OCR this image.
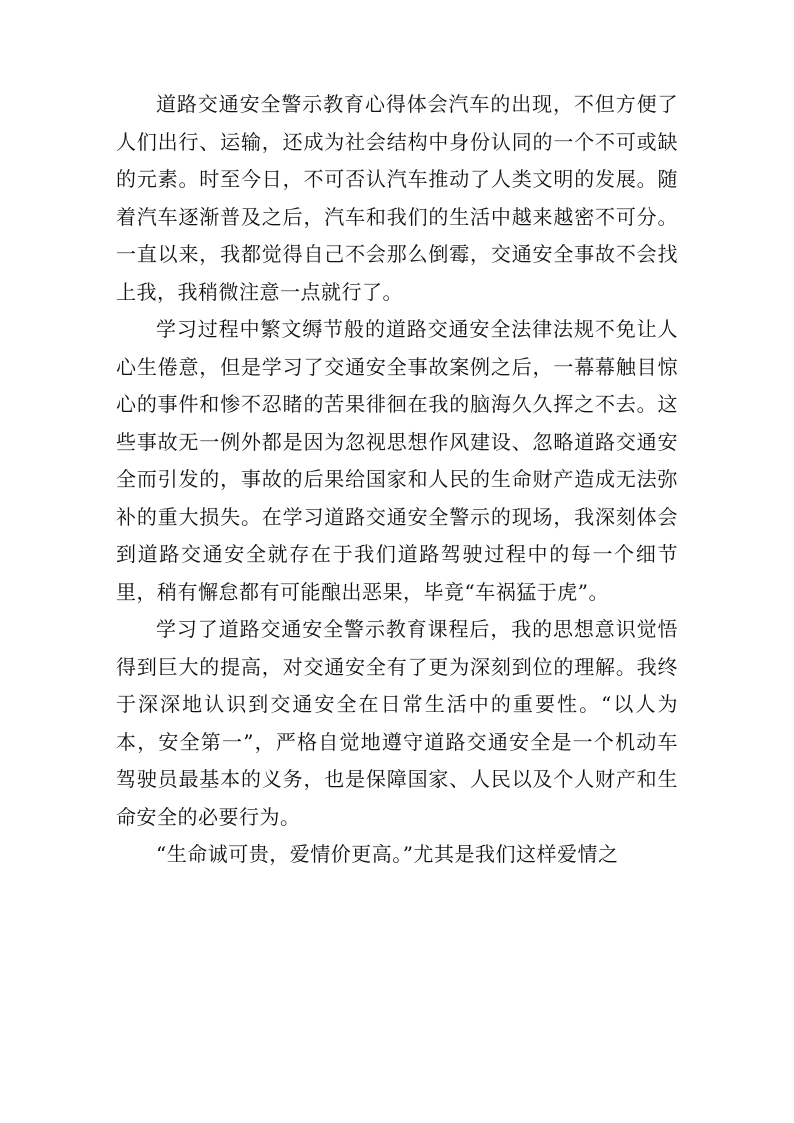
道路交通安全警示教育心得体会汽车的出现，不但方便了人们出行、运输，还成为社会结构中身份认同的一个不可或缺的元素。时至今日，不可否认汽车推动了人类文明的发展。随着汽车逐渐普及之后，汽车和我们的生活中越来越密不可分。一直以来，我都觉得自己不会那么倒霉，交通安全事故不会找上我，我稍微注意一点就行了。

学习过程中繁文缛节般的道路交通安全法律法规不免让人心生倦意，但是学习了交通安全事故案例之后，一幕幕触目惊心的事件和惨不忍睹的苦果徘徊在我的脑海久久挥之不去。这些事故无一例外都是因为忽视思想作风建设、忽略道路交通安全而引发的，事故的后果给国家和人民的生命财产造成无法弥补的重大损失。在学习道路交通安全警示的现场，我深刻体会到道路交通安全就存在于我们道路驾驶过程中的每一个细节里，稍有懈怠都有可能酿出恶果，毕竟“车祸猛于虎”。

学习了道路交通安全警示教育课程后，我的思想意识觉悟得到巨大的提高，对交通安全有了更为深刻到位的理解。我终于深深地认识到交通安全在日常生活中的重要性。“以人为本，安全第一”，严格自觉地遵守道路交通安全是一个机动车驾驶员最基本的义务，也是保障国家、人民以及个人财产和生命安全的必要行为。

“生命诚可贵，爱情价更高。”尤其是我们这样爱情之
